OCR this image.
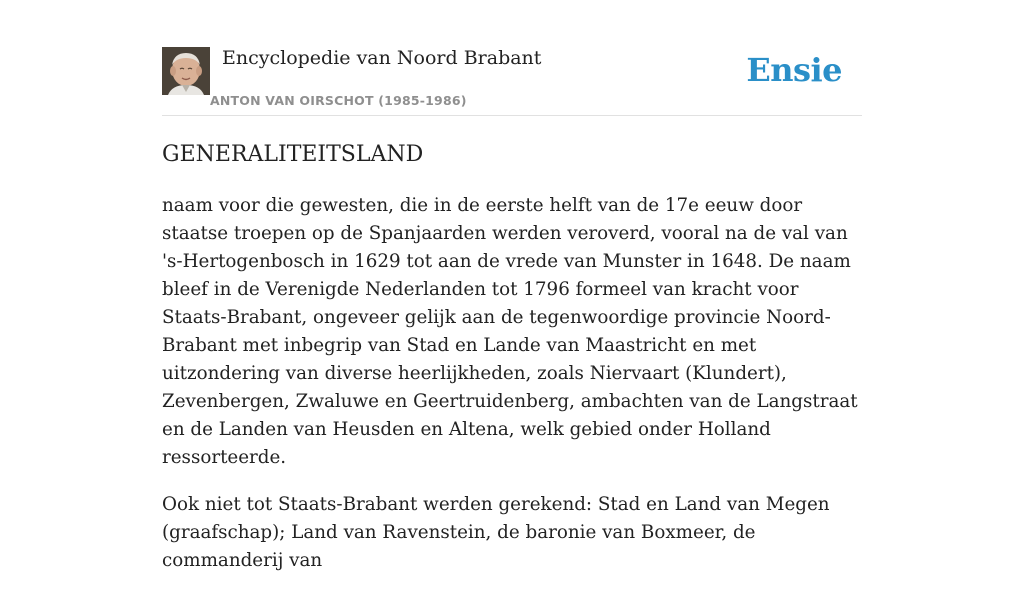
Encyclopedie van Noord Brabant
ANTON VAN OIRSCHOT (1985-1986)
Ensie
GENERALITEITSLAND

naam voor die gewesten, die in de eerste helft van de 17e eeuw door staatse troepen op de Spanjaarden werden veroverd, vooral na de val van 's-Hertogenbosch in 1629 tot aan de vrede van Munster in 1648. De naam bleef in de Verenigde Nederlanden tot 1796 formeel van kracht voor Staats-Brabant, ongeveer gelijk aan de tegenwoordige provincie Noord-Brabant met inbegrip van Stad en Lande van Maastricht en met uitzondering van diverse heerlijkheden, zoals Niervaart (Klundert), Zevenbergen, Zwaluwe en Geertruidenberg, ambachten van de Langstraat en de Landen van Heusden en Altena, welk gebied onder Holland ressorteerde.

Ook niet tot Staats-Brabant werden gerekend: Stad en Land van Megen (graafschap); Land van Ravenstein, de baronie van Boxmeer, de commanderij van
